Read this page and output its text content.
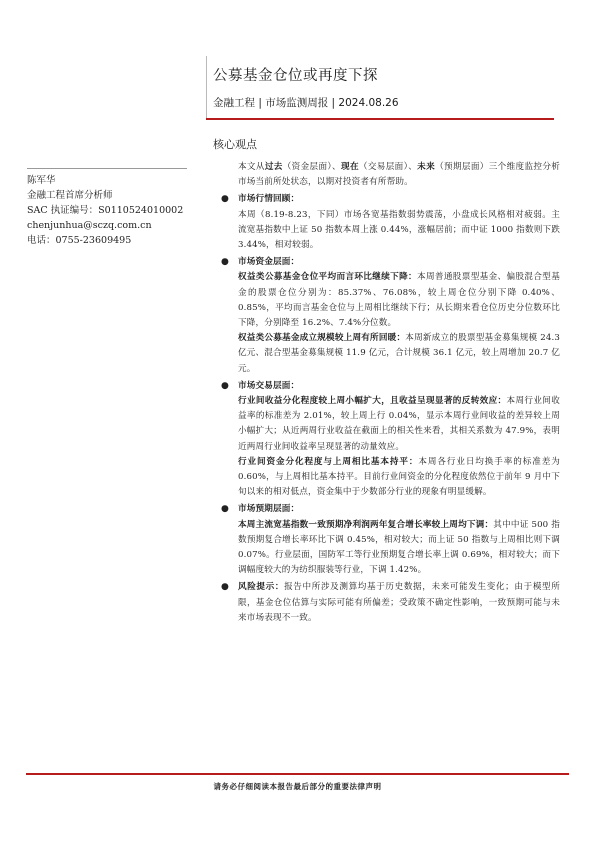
公募基金仓位或再度下探
金融工程 | 市场监测周报 | 2024.08.26
核心观点
陈军华
金融工程首席分析师
SAC 执证编号：S0110524010002
chenjunhua@sczq.com.cn
电话：0755-23609495

本文从过去（资金层面）、现在（交易层面）、未来（预期层面）三个维度监控分析市场当前所处状态，以期对投资者有所帮助。

● 市场行情回顾：

本周（8.19-8.23，下同）市场各宽基指数弱势震荡，小盘成长风格相对疲弱。主流宽基指数中上证 50 指数本周上涨 0.44%，涨幅居前；而中证 1000 指数则下跌 3.44%，相对较弱。

● 市场资金层面：

权益类公募基金仓位平均而言环比继续下降：本周普通股票型基金、偏股混合型基金的股票仓位分别为：85.37%、76.08%，较上周仓位分别下降 0.40%、0.85%，平均而言基金仓位与上周相比继续下行；从长期来看仓位历史分位数环比下降，分别降至 16.2%、7.4%分位数。

权益类公募基金成立规模较上周有所回暖：本周新成立的股票型基金募集规模 24.3 亿元、混合型基金募集规模 11.9 亿元，合计规模 36.1 亿元，较上周增加 20.7 亿元。

● 市场交易层面：

行业间收益分化程度较上周小幅扩大，且收益呈现显著的反转效应：本周行业间收益率的标准差为 2.01%，较上周上行 0.04%，显示本周行业间收益的差异较上周小幅扩大；从近两周行业收益在截面上的相关性来看，其相关系数为 47.9%，表明近两周行业间收益率呈现显著的动量效应。

行业间资金分化程度与上周相比基本持平：本周各行业日均换手率的标准差为 0.60%，与上周相比基本持平。目前行业间资金的分化程度依然位于前年 9 月中下旬以来的相对低点，资金集中于少数部分行业的现象有明显缓解。

● 市场预期层面：

本周主流宽基指数一致预期净利润两年复合增长率较上周均下调：其中中证 500 指数预期复合增长率环比下调 0.45%，相对较大；而上证 50 指数与上周相比则下调 0.07%。行业层面，国防军工等行业预期复合增长率上调 0.69%，相对较大；而下调幅度较大的为纺织服装等行业，下调 1.42%。

● 风险提示：报告中所涉及测算均基于历史数据，未来可能发生变化；由于模型所限，基金仓位估算与实际可能有所偏差；受政策不确定性影响，一致预期可能与未来市场表现不一致。

请务必仔细阅读本报告最后部分的重要法律声明
